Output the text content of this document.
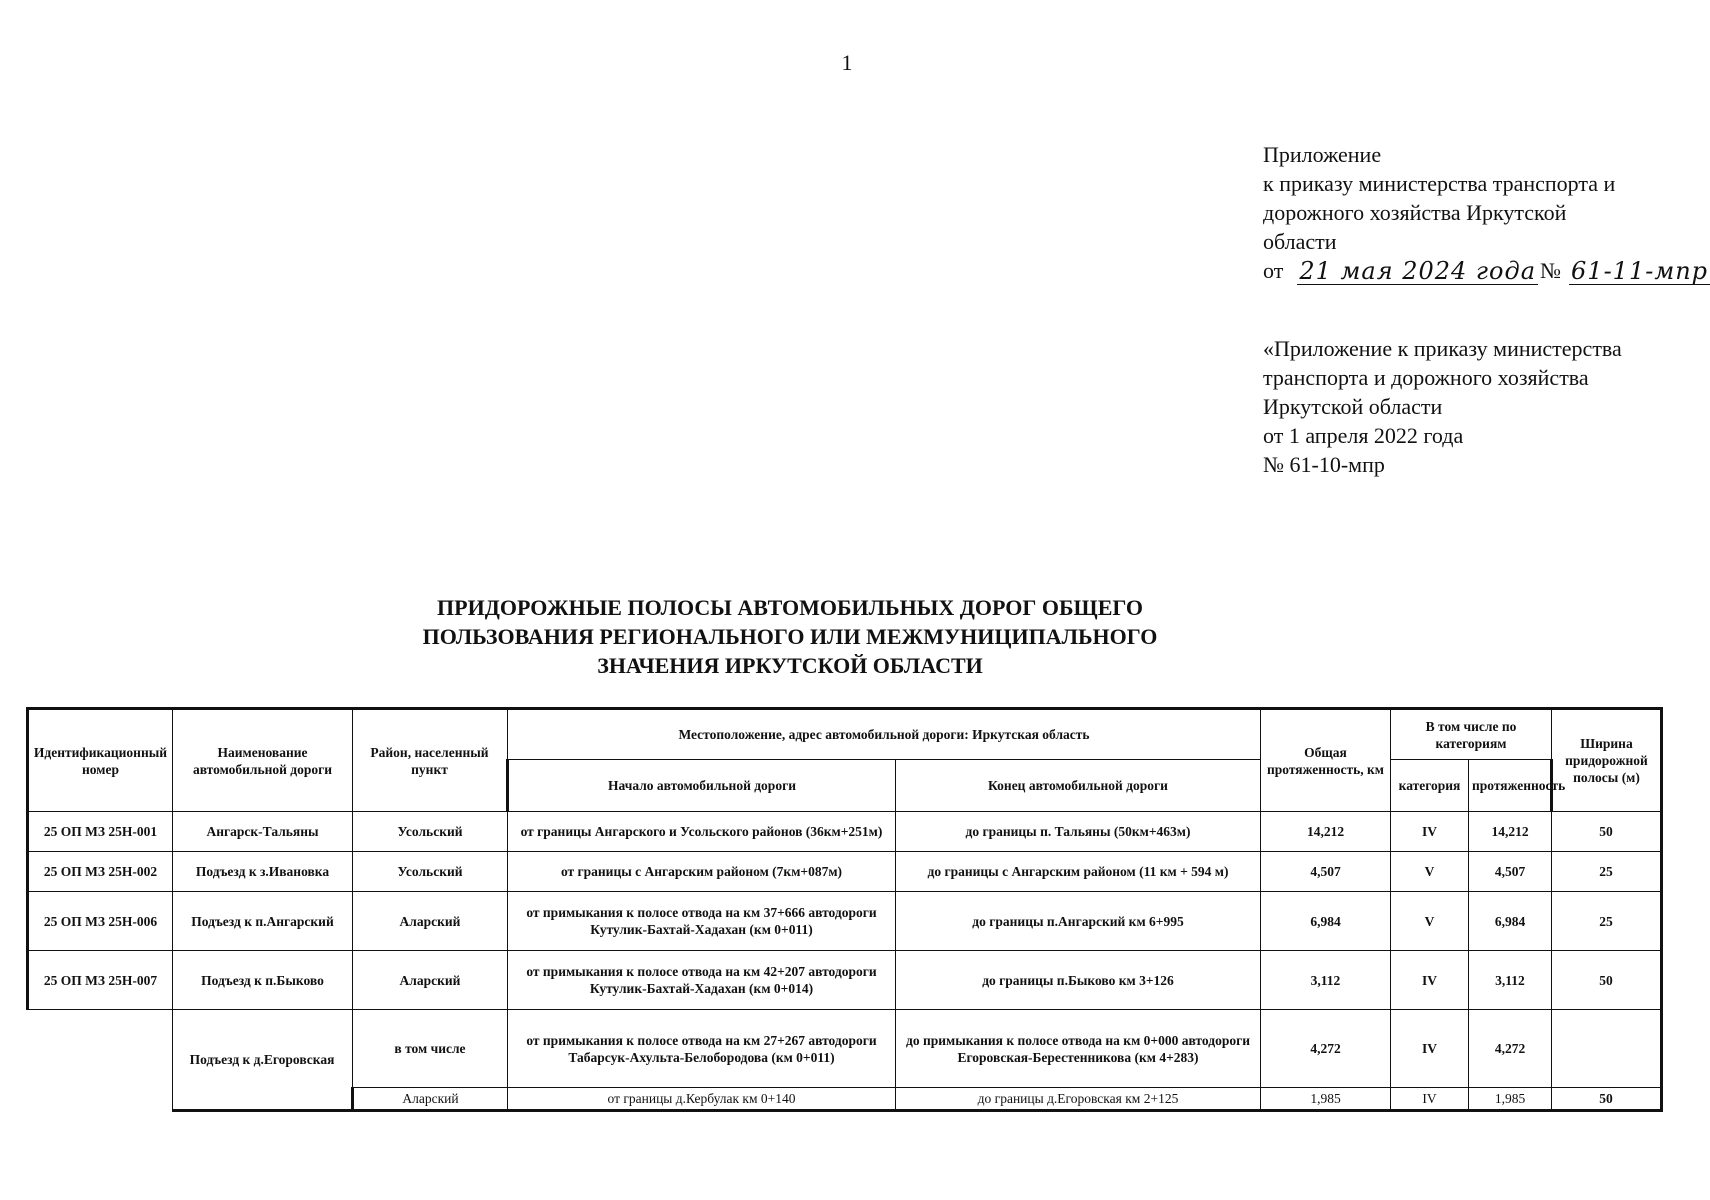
1
Приложение
к приказу министерства транспорта и
дорожного хозяйства Иркутской
области
от 21 мая 2024 года № 61-11-мпр
«Приложение к приказу министерства
транспорта и дорожного хозяйства
Иркутской области
от 1 апреля 2022 года
№ 61-10-мпр
ПРИДОРОЖНЫЕ ПОЛОСЫ АВТОМОБИЛЬНЫХ ДОРОГ ОБЩЕГО
ПОЛЬЗОВАНИЯ РЕГИОНАЛЬНОГО ИЛИ МЕЖМУНИЦИПАЛЬНОГО
ЗНАЧЕНИЯ ИРКУТСКОЙ ОБЛАСТИ
Идентификационный номер	Наименование автомобильной дороги	Район, населенный пункт	Местоположение, адрес автомобильной дороги: Иркутская область		Общая протяженность, км	В том числе по категориям		Ширина придорожной полосы (м)
			Начало автомобильной дороги	Конец автомобильной дороги		категория	протяженность	
25 ОП МЗ 25Н-001	Ангарск-Тальяны	Усольский	от границы Ангарского и Усольского районов (36км+251м)	до границы п. Тальяны (50км+463м)	14,212	IV	14,212	50
25 ОП МЗ 25Н-002	Подъезд к з.Ивановка	Усольский	от границы с Ангарским районом (7км+087м)	до границы с Ангарским районом (11 км + 594 м)	4,507	V	4,507	25
25 ОП МЗ 25Н-006	Подъезд к п.Ангарский	Аларский	от примыкания к полосе отвода на км 37+666 автодороги Кутулик-Бахтай-Хадахан (км 0+011)	до границы п.Ангарский км 6+995	6,984	V	6,984	25
25 ОП МЗ 25Н-007	Подъезд к п.Быково	Аларский	от примыкания к полосе отвода на км 42+207 автодороги Кутулик-Бахтай-Хадахан (км 0+014)	до границы п.Быково км 3+126	3,112	IV	3,112	50
	Подъезд к д.Егоровская	в том числе	от примыкания к полосе отвода на км 27+267 автодороги Табарсук-Ахульта-Белобородова (км 0+011)	до примыкания к полосе отвода на км 0+000 автодороги Егоровская-Берестенникова (км 4+283)	4,272	IV	4,272	
		Аларский	от границы д.Кербулак км 0+140	до границы д.Егоровская км 2+125	1,985	IV	1,985	50
